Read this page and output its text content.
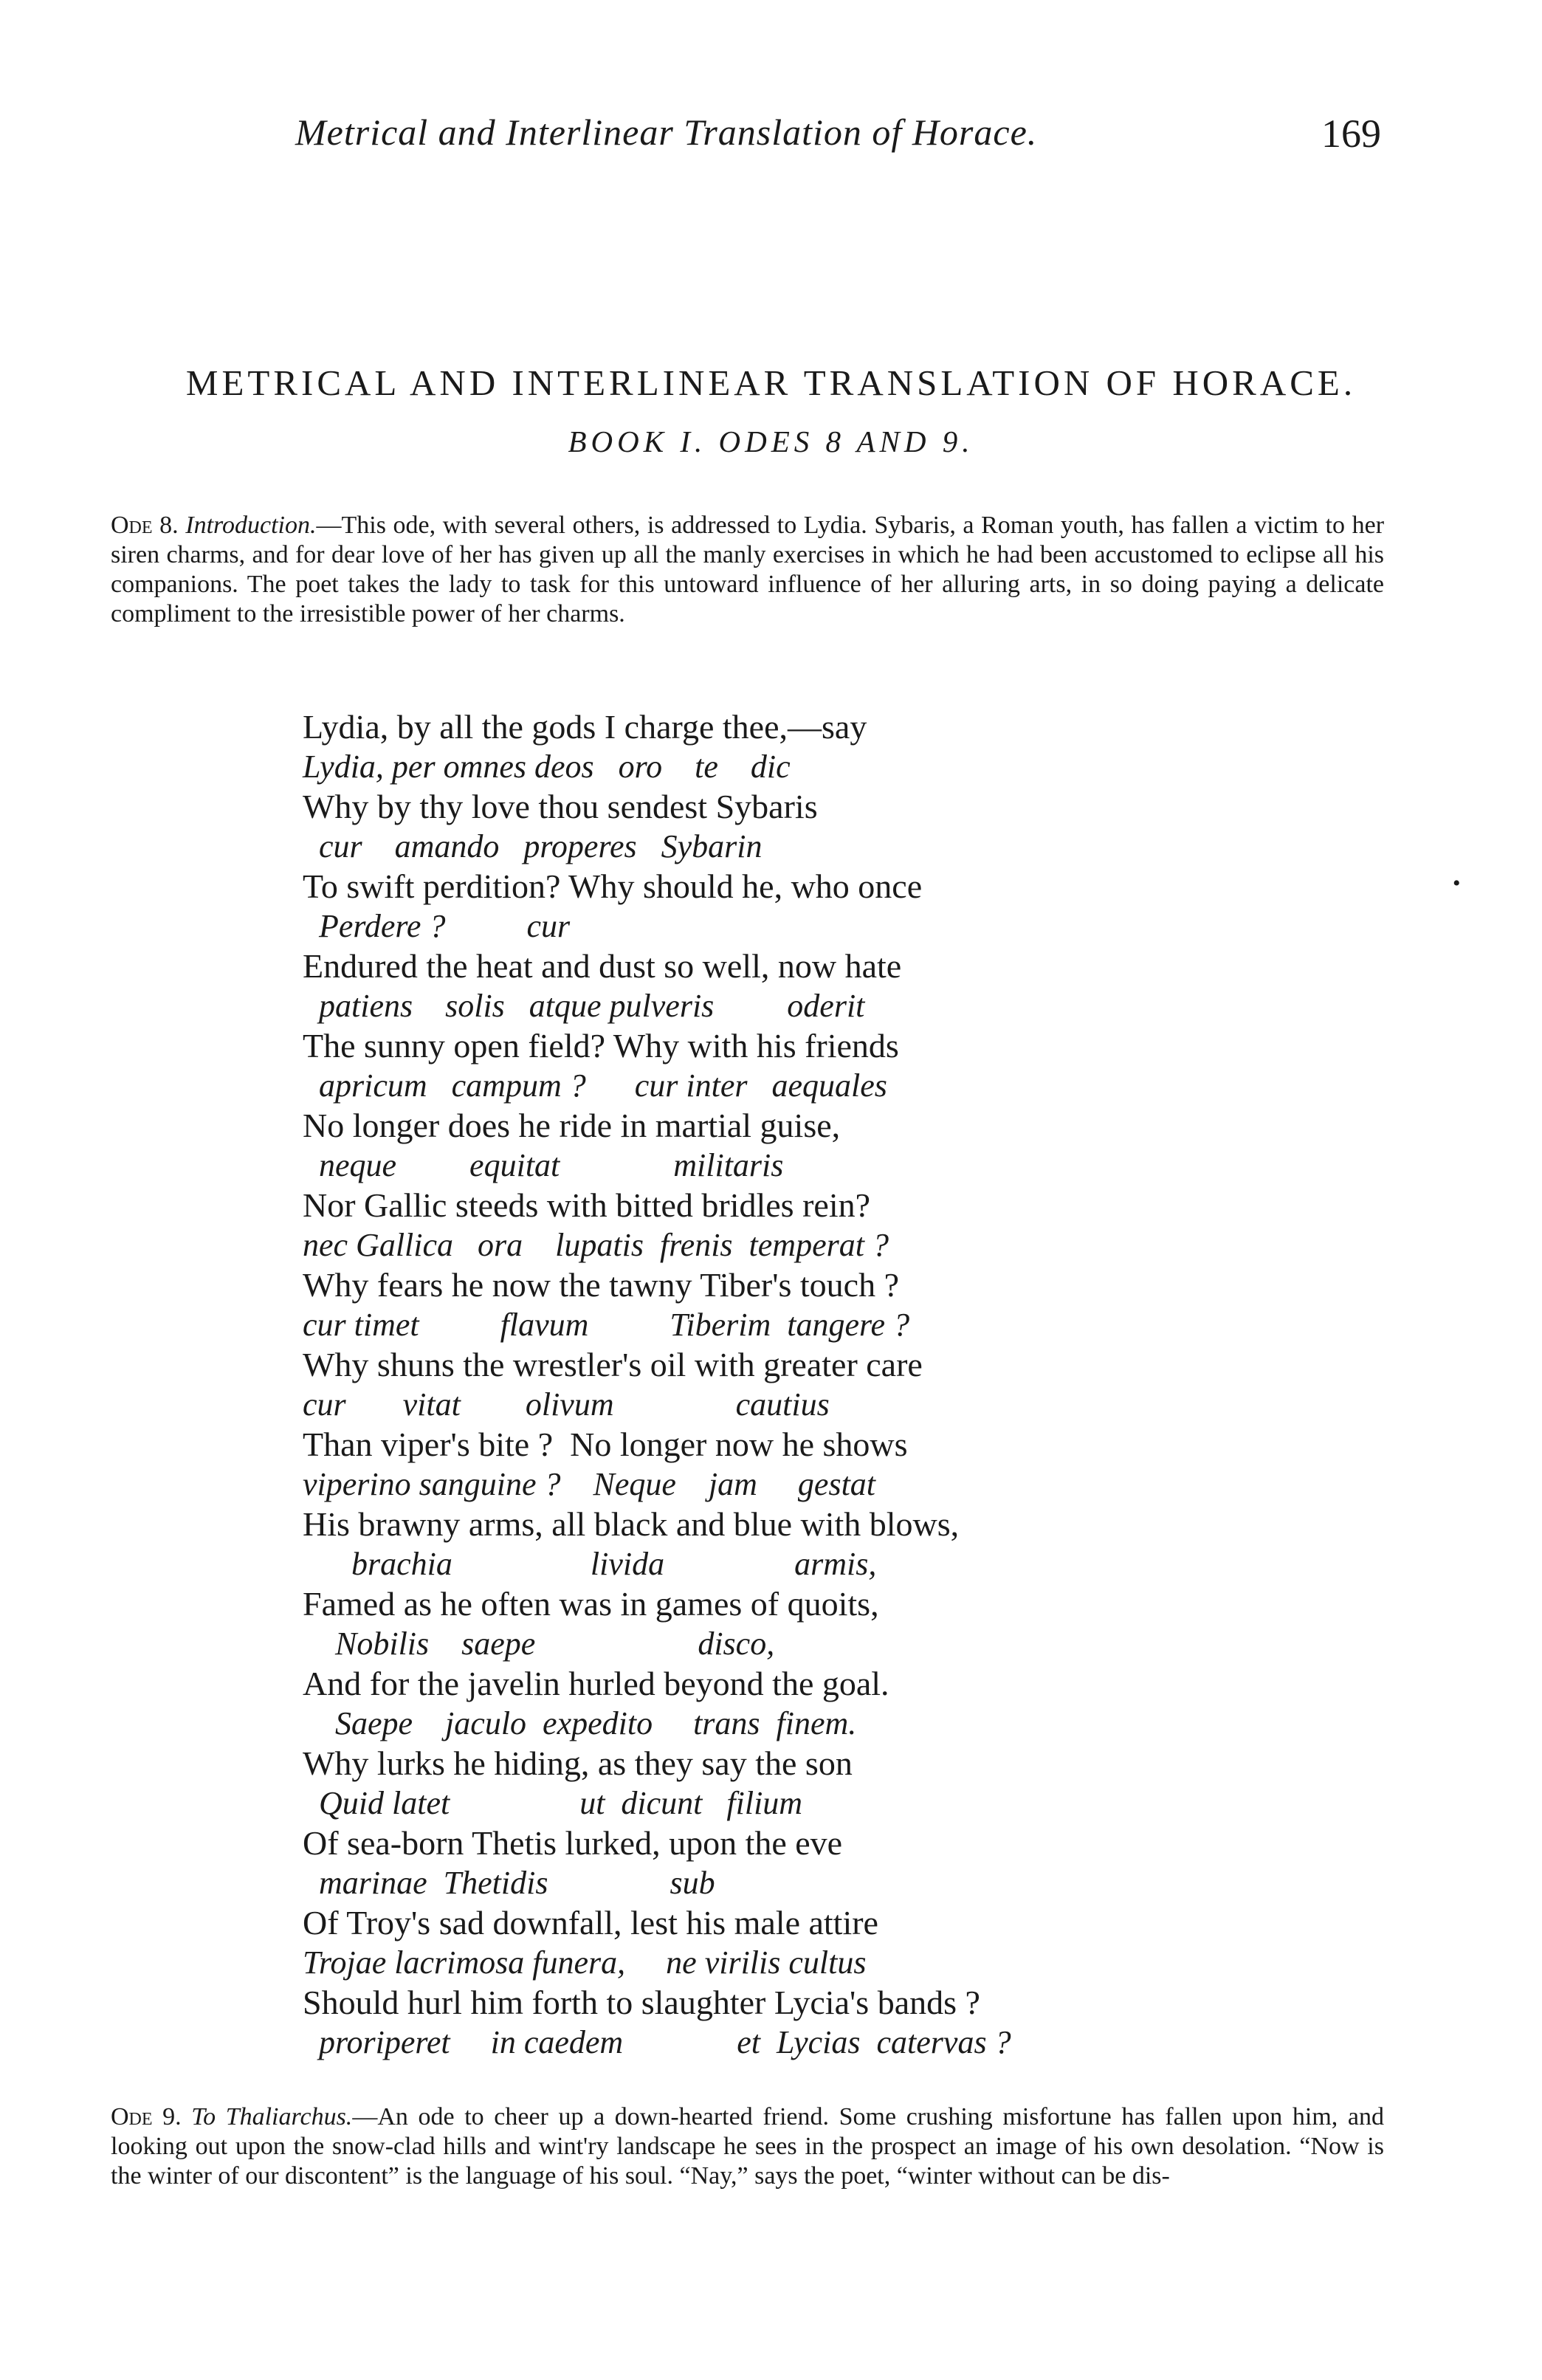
Metrical and Interlinear Translation of Horace.	169
METRICAL AND INTERLINEAR TRANSLATION OF HORACE.
BOOK I. ODES 8 AND 9.

Ode 8. Introduction.—This ode, with several others, is addressed to Lydia. Sybaris, a Roman youth, has fallen a victim to her siren charms, and for dear love of her has given up all the manly exercises in which he had been accustomed to eclipse all his companions. The poet takes the lady to task for this untoward influence of her alluring arts, in so doing paying a delicate compliment to the irresistible power of her charms.

Lydia, by all the gods I charge thee,—say
Lydia, per omnes deos   oro    te    dic
Why by thy love thou sendest Sybaris
cur    amando   properes   Sybarin
To swift perdition? Why should he, who once
Perdere ?          cur
Endured the heat and dust so well, now hate
patiens    solis   atque pulveris         oderit
The sunny open field? Why with his friends
apricum   campum ?      cur inter   aequales
No longer does he ride in martial guise,
neque         equitat              militaris
Nor Gallic steeds with bitted bridles rein?
nec Gallica   ora    lupatis  frenis  temperat ?
Why fears he now the tawny Tiber's touch ?
cur timet          flavum          Tiberim  tangere ?
Why shuns the wrestler's oil with greater care
cur       vitat        olivum               cautius
Than viper's bite ?  No longer now he shows
viperino sanguine ?    Neque    jam     gestat
His brawny arms, all black and blue with blows,
brachia                 livida                armis,
Famed as he often was in games of quoits,
Nobilis    saepe                    disco,
And for the javelin hurled beyond the goal.
Saepe    jaculo  expedito     trans  finem.
Why lurks he hiding, as they say the son
Quid latet                ut  dicunt   filium
Of sea-born Thetis lurked, upon the eve
marinae  Thetidis               sub
Of Troy's sad downfall, lest his male attire
Trojae lacrimosa funera,     ne virilis cultus
Should hurl him forth to slaughter Lycia's bands ?
proriperet     in caedem              et  Lycias  catervas ?
•

Ode 9. To Thaliarchus.—An ode to cheer up a down-hearted friend. Some crushing misfortune has fallen upon him, and looking out upon the snow-clad hills and wint'ry landscape he sees in the prospect an image of his own desolation. “Now is the winter of our discontent” is the language of his soul. “Nay,” says the poet, “winter without can be dis-
